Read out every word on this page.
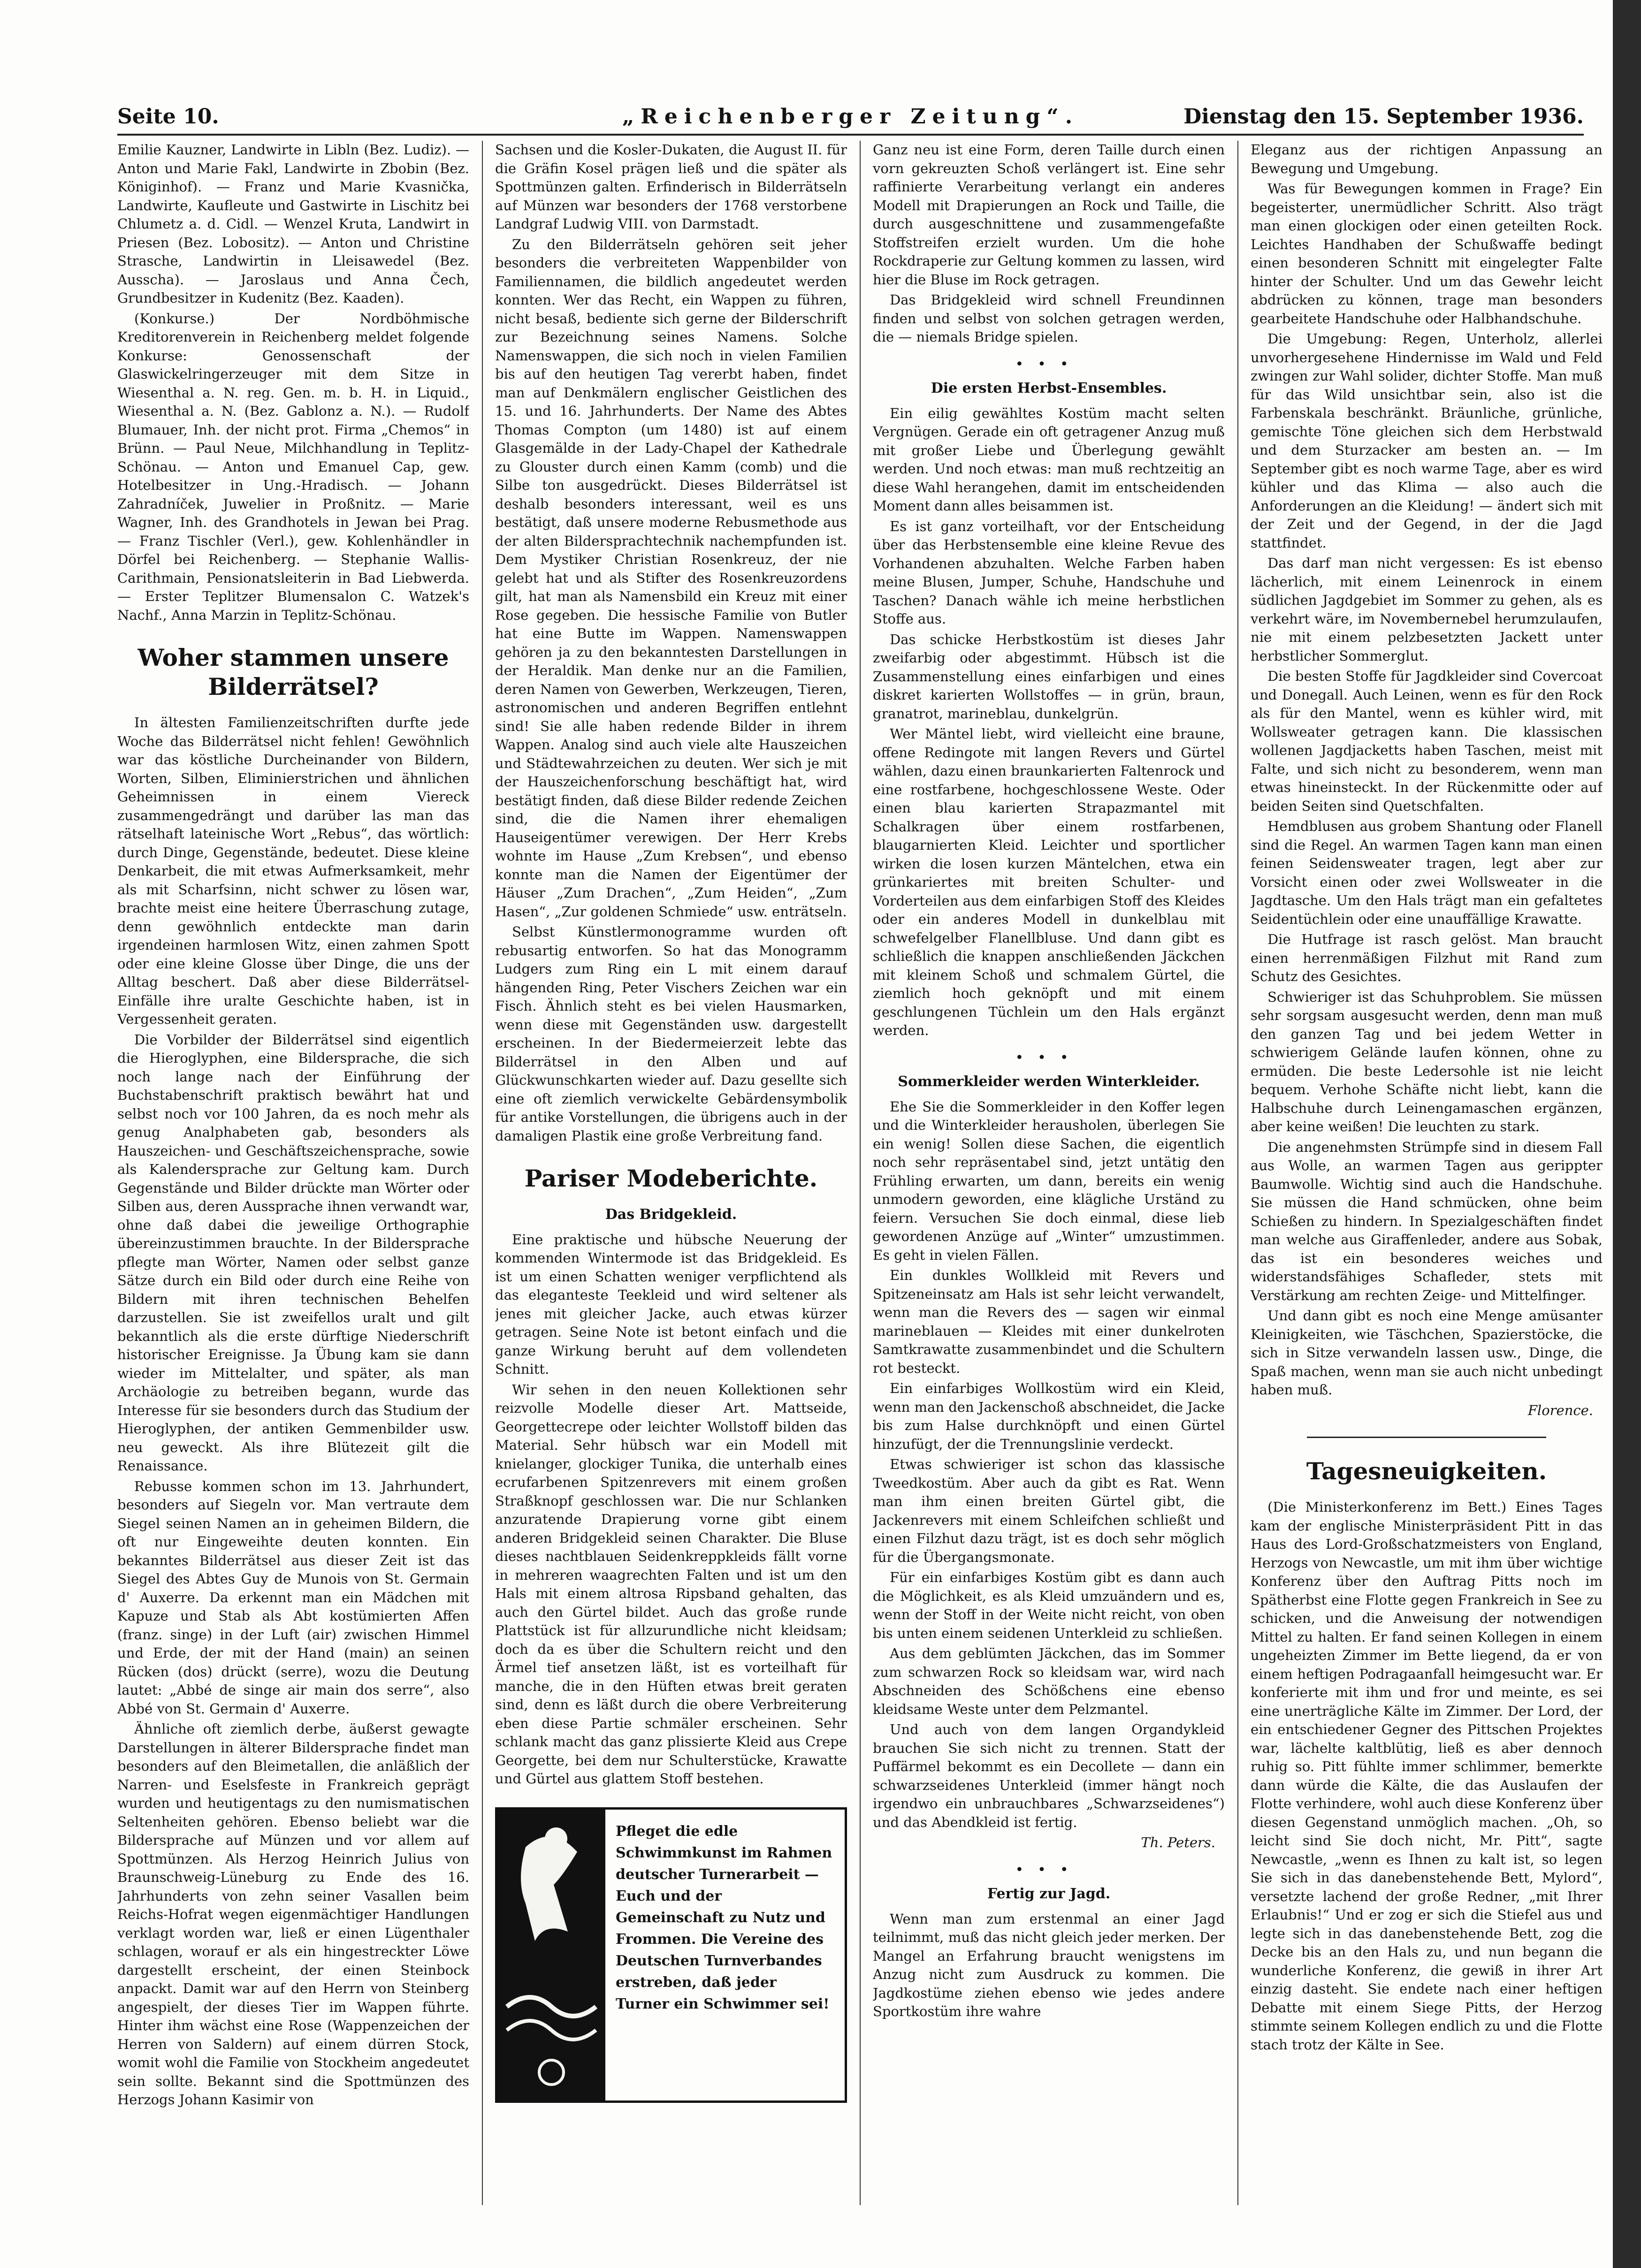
Seite 10.	„Reichenberger Zeitung“.	Dienstag den 15. September 1936.

Emilie Kauzner, Landwirte in Libln (Bez. Ludiz). — Anton und Marie Fakl, Landwirte in Zbobin (Bez. Königinhof). — Franz und Marie Kvasnička, Landwirte, Kaufleute und Gastwirte in Lischitz bei Chlumetz a. d. Cidl. — Wenzel Kruta, Landwirt in Priesen (Bez. Lobositz). — Anton und Christine Strasche, Landwirtin in Lleisawedel (Bez. Ausscha). — Jaroslaus und Anna Čech, Grundbesitzer in Kudenitz (Bez. Kaaden).

(Konkurse.) Der Nordböhmische Kreditorenverein in Reichenberg meldet folgende Konkurse: Genossenschaft der Glaswickelringerzeuger mit dem Sitze in Wiesenthal a. N. reg. Gen. m. b. H. in Liquid., Wiesenthal a. N. (Bez. Gablonz a. N.). — Rudolf Blumauer, Inh. der nicht prot. Firma „Chemos“ in Brünn. — Paul Neue, Milchhandlung in Teplitz-Schönau. — Anton und Emanuel Cap, gew. Hotelbesitzer in Ung.-Hradisch. — Johann Zahradníček, Juwelier in Proßnitz. — Marie Wagner, Inh. des Grandhotels in Jewan bei Prag. — Franz Tischler (Verl.), gew. Kohlenhändler in Dörfel bei Reichenberg. — Stephanie Wallis-Carithmain, Pensionatsleiterin in Bad Liebwerda. — Erster Teplitzer Blumensalon C. Watzek's Nachf., Anna Marzin in Teplitz-Schönau.

Woher stammen unsere Bilderrätsel?

In ältesten Familienzeitschriften durfte jede Woche das Bilderrätsel nicht fehlen! Gewöhnlich war das köstliche Durcheinander von Bildern, Worten, Silben, Eliminierstrichen und ähnlichen Geheimnissen in einem Viereck zusammengedrängt und darüber las man das rätselhaft lateinische Wort „Rebus“, das wörtlich: durch Dinge, Gegenstände, bedeutet. Diese kleine Denkarbeit, die mit etwas Aufmerksamkeit, mehr als mit Scharfsinn, nicht schwer zu lösen war, brachte meist eine heitere Überraschung zutage, denn gewöhnlich entdeckte man darin irgendeinen harmlosen Witz, einen zahmen Spott oder eine kleine Glosse über Dinge, die uns der Alltag beschert. Daß aber diese Bilderrätsel-Einfälle ihre uralte Geschichte haben, ist in Vergessenheit geraten.

Die Vorbilder der Bilderrätsel sind eigentlich die Hieroglyphen, eine Bildersprache, die sich noch lange nach der Einführung der Buchstabenschrift praktisch bewährt hat und selbst noch vor 100 Jahren, da es noch mehr als genug Analphabeten gab, besonders als Hauszeichen- und Geschäftszeichensprache, sowie als Kalendersprache zur Geltung kam. Durch Gegenstände und Bilder drückte man Wörter oder Silben aus, deren Aussprache ihnen verwandt war, ohne daß dabei die jeweilige Orthographie übereinzustimmen brauchte. In der Bildersprache pflegte man Wörter, Namen oder selbst ganze Sätze durch ein Bild oder durch eine Reihe von Bildern mit ihren technischen Behelfen darzustellen. Sie ist zweifellos uralt und gilt bekanntlich als die erste dürftige Niederschrift historischer Ereignisse. Ja Übung kam sie dann wieder im Mittelalter, und später, als man Archäologie zu betreiben begann, wurde das Interesse für sie besonders durch das Studium der Hieroglyphen, der antiken Gemmenbilder usw. neu geweckt. Als ihre Blütezeit gilt die Renaissance.

Rebusse kommen schon im 13. Jahrhundert, besonders auf Siegeln vor. Man vertraute dem Siegel seinen Namen an in geheimen Bildern, die oft nur Eingeweihte deuten konnten. Ein bekanntes Bilderrätsel aus dieser Zeit ist das Siegel des Abtes Guy de Munois von St. Germain d' Auxerre. Da erkennt man ein Mädchen mit Kapuze und Stab als Abt kostümierten Affen (franz. singe) in der Luft (air) zwischen Himmel und Erde, der mit der Hand (main) an seinen Rücken (dos) drückt (serre), wozu die Deutung lautet: „Abbé de singe air main dos serre“, also Abbé von St. Germain d' Auxerre.

Ähnliche oft ziemlich derbe, äußerst gewagte Darstellungen in älterer Bildersprache findet man besonders auf den Bleimetallen, die anläßlich der Narren- und Eselsfeste in Frankreich geprägt wurden und heutigentags zu den numismatischen Seltenheiten gehören. Ebenso beliebt war die Bildersprache auf Münzen und vor allem auf Spottmünzen. Als Herzog Heinrich Julius von Braunschweig-Lüneburg zu Ende des 16. Jahrhunderts von zehn seiner Vasallen beim Reichs-Hofrat wegen eigenmächtiger Handlungen verklagt worden war, ließ er einen Lügenthaler schlagen, worauf er als ein hingestreckter Löwe dargestellt erscheint, der einen Steinbock anpackt. Damit war auf den Herrn von Steinberg angespielt, der dieses Tier im Wappen führte. Hinter ihm wächst eine Rose (Wappenzeichen der Herren von Saldern) auf einem dürren Stock, womit wohl die Familie von Stockheim angedeutet sein sollte. Bekannt sind die Spottmünzen des Herzogs Johann Kasimir von

Sachsen und die Kosler-Dukaten, die August II. für die Gräfin Kosel prägen ließ und die später als Spottmünzen galten. Erfinderisch in Bilderrätseln auf Münzen war besonders der 1768 verstorbene Landgraf Ludwig VIII. von Darmstadt.

Zu den Bilderrätseln gehören seit jeher besonders die verbreiteten Wappenbilder von Familiennamen, die bildlich angedeutet werden konnten. Wer das Recht, ein Wappen zu führen, nicht besaß, bediente sich gerne der Bilderschrift zur Bezeichnung seines Namens. Solche Namenswappen, die sich noch in vielen Familien bis auf den heutigen Tag vererbt haben, findet man auf Denkmälern englischer Geistlichen des 15. und 16. Jahrhunderts. Der Name des Abtes Thomas Compton (um 1480) ist auf einem Glasgemälde in der Lady-Chapel der Kathedrale zu Glouster durch einen Kamm (comb) und die Silbe ton ausgedrückt. Dieses Bilderrätsel ist deshalb besonders interessant, weil es uns bestätigt, daß unsere moderne Rebusmethode aus der alten Bildersprachtechnik nachempfunden ist. Dem Mystiker Christian Rosenkreuz, der nie gelebt hat und als Stifter des Rosenkreuzordens gilt, hat man als Namensbild ein Kreuz mit einer Rose gegeben. Die hessische Familie von Butler hat eine Butte im Wappen. Namenswappen gehören ja zu den bekanntesten Darstellungen in der Heraldik. Man denke nur an die Familien, deren Namen von Gewerben, Werkzeugen, Tieren, astronomischen und anderen Begriffen entlehnt sind! Sie alle haben redende Bilder in ihrem Wappen. Analog sind auch viele alte Hauszeichen und Städtewahrzeichen zu deuten. Wer sich je mit der Hauszeichenforschung beschäftigt hat, wird bestätigt finden, daß diese Bilder redende Zeichen sind, die die Namen ihrer ehemaligen Hauseigentümer verewigen. Der Herr Krebs wohnte im Hause „Zum Krebsen“, und ebenso konnte man die Namen der Eigentümer der Häuser „Zum Drachen“, „Zum Heiden“, „Zum Hasen“, „Zur goldenen Schmiede“ usw. enträtseln.

Selbst Künstlermonogramme wurden oft rebusartig entworfen. So hat das Monogramm Ludgers zum Ring ein L mit einem darauf hängenden Ring, Peter Vischers Zeichen war ein Fisch. Ähnlich steht es bei vielen Hausmarken, wenn diese mit Gegenständen usw. dargestellt erscheinen. In der Biedermeierzeit lebte das Bilderrätsel in den Alben und auf Glückwunschkarten wieder auf. Dazu gesellte sich eine oft ziemlich verwickelte Gebärdensymbolik für antike Vorstellungen, die übrigens auch in der damaligen Plastik eine große Verbreitung fand.

Pariser Modeberichte.
Das Bridgekleid.

Eine praktische und hübsche Neuerung der kommenden Wintermode ist das Bridgekleid. Es ist um einen Schatten weniger verpflichtend als das eleganteste Teekleid und wird seltener als jenes mit gleicher Jacke, auch etwas kürzer getragen. Seine Note ist betont einfach und die ganze Wirkung beruht auf dem vollendeten Schnitt.

Wir sehen in den neuen Kollektionen sehr reizvolle Modelle dieser Art. Mattseide, Georgettecrepe oder leichter Wollstoff bilden das Material. Sehr hübsch war ein Modell mit knielanger, glockiger Tunika, die unterhalb eines ecrufarbenen Spitzenrevers mit einem großen Straßknopf geschlossen war. Die nur Schlanken anzuratende Drapierung vorne gibt einem anderen Bridgekleid seinen Charakter. Die Bluse dieses nachtblauen Seidenkreppkleids fällt vorne in mehreren waagrechten Falten und ist um den Hals mit einem altrosa Ripsband gehalten, das auch den Gürtel bildet. Auch das große runde Plattstück ist für allzurundliche nicht kleidsam; doch da es über die Schultern reicht und den Ärmel tief ansetzen läßt, ist es vorteilhaft für manche, die in den Hüften etwas breit geraten sind, denn es läßt durch die obere Verbreiterung eben diese Partie schmäler erscheinen. Sehr schlank macht das ganz plissierte Kleid aus Crepe Georgette, bei dem nur Schulterstücke, Krawatte und Gürtel aus glattem Stoff bestehen.

Pfleget die edle Schwimmkunst im Rahmen deutscher Turnerarbeit — Euch und der Gemeinschaft zu Nutz und Frommen. Die Vereine des Deutschen Turnverbandes erstreben, daß jeder Turner ein Schwimmer sei!

Ganz neu ist eine Form, deren Taille durch einen vorn gekreuzten Schoß verlängert ist. Eine sehr raffinierte Verarbeitung verlangt ein anderes Modell mit Drapierungen an Rock und Taille, die durch ausgeschnittene und zusammengefaßte Stoffstreifen erzielt wurden. Um die hohe Rockdraperie zur Geltung kommen zu lassen, wird hier die Bluse im Rock getragen.

Das Bridgekleid wird schnell Freundinnen finden und selbst von solchen getragen werden, die — niemals Bridge spielen.

•••
Die ersten Herbst-Ensembles.

Ein eilig gewähltes Kostüm macht selten Vergnügen. Gerade ein oft getragener Anzug muß mit großer Liebe und Überlegung gewählt werden. Und noch etwas: man muß rechtzeitig an diese Wahl herangehen, damit im entscheidenden Moment dann alles beisammen ist.

Es ist ganz vorteilhaft, vor der Entscheidung über das Herbstensemble eine kleine Revue des Vorhandenen abzuhalten. Welche Farben haben meine Blusen, Jumper, Schuhe, Handschuhe und Taschen? Danach wähle ich meine herbstlichen Stoffe aus.

Das schicke Herbstkostüm ist dieses Jahr zweifarbig oder abgestimmt. Hübsch ist die Zusammenstellung eines einfarbigen und eines diskret karierten Wollstoffes — in grün, braun, granatrot, marineblau, dunkelgrün.

Wer Mäntel liebt, wird vielleicht eine braune, offene Redingote mit langen Revers und Gürtel wählen, dazu einen braunkarierten Faltenrock und eine rostfarbene, hochgeschlossene Weste. Oder einen blau karierten Strapazmantel mit Schalkragen über einem rostfarbenen, blaugarnierten Kleid. Leichter und sportlicher wirken die losen kurzen Mäntelchen, etwa ein grünkariertes mit breiten Schulter- und Vorderteilen aus dem einfarbigen Stoff des Kleides oder ein anderes Modell in dunkelblau mit schwefelgelber Flanellbluse. Und dann gibt es schließlich die knappen anschließenden Jäckchen mit kleinem Schoß und schmalem Gürtel, die ziemlich hoch geknöpft und mit einem geschlungenen Tüchlein um den Hals ergänzt werden.

•••
Sommerkleider werden Winterkleider.

Ehe Sie die Sommerkleider in den Koffer legen und die Winterkleider herausholen, überlegen Sie ein wenig! Sollen diese Sachen, die eigentlich noch sehr repräsentabel sind, jetzt untätig den Frühling erwarten, um dann, bereits ein wenig unmodern geworden, eine klägliche Urständ zu feiern. Versuchen Sie doch einmal, diese lieb gewordenen Anzüge auf „Winter“ umzustimmen. Es geht in vielen Fällen.

Ein dunkles Wollkleid mit Revers und Spitzeneinsatz am Hals ist sehr leicht verwandelt, wenn man die Revers des — sagen wir einmal marineblauen — Kleides mit einer dunkelroten Samtkrawatte zusammenbindet und die Schultern rot besteckt.

Ein einfarbiges Wollkostüm wird ein Kleid, wenn man den Jackenschoß abschneidet, die Jacke bis zum Halse durchknöpft und einen Gürtel hinzufügt, der die Trennungslinie verdeckt.

Etwas schwieriger ist schon das klassische Tweedkostüm. Aber auch da gibt es Rat. Wenn man ihm einen breiten Gürtel gibt, die Jackenrevers mit einem Schleifchen schließt und einen Filzhut dazu trägt, ist es doch sehr möglich für die Übergangsmonate.

Für ein einfarbiges Kostüm gibt es dann auch die Möglichkeit, es als Kleid umzuändern und es, wenn der Stoff in der Weite nicht reicht, von oben bis unten einem seidenen Unterkleid zu schließen.

Aus dem geblümten Jäckchen, das im Sommer zum schwarzen Rock so kleidsam war, wird nach Abschneiden des Schößchens eine ebenso kleidsame Weste unter dem Pelzmantel.

Und auch von dem langen Organdykleid brauchen Sie sich nicht zu trennen. Statt der Puffärmel bekommt es ein Decollete — dann ein schwarzseidenes Unterkleid (immer hängt noch irgendwo ein unbrauchbares „Schwarzseidenes“) und das Abendkleid ist fertig.

Th. Peters.
•••
Fertig zur Jagd.

Wenn man zum erstenmal an einer Jagd teilnimmt, muß das nicht gleich jeder merken. Der Mangel an Erfahrung braucht wenigstens im Anzug nicht zum Ausdruck zu kommen. Die Jagdkostüme ziehen ebenso wie jedes andere Sportkostüm ihre wahre

Eleganz aus der richtigen Anpassung an Bewegung und Umgebung.

Was für Bewegungen kommen in Frage? Ein begeisterter, unermüdlicher Schritt. Also trägt man einen glockigen oder einen geteilten Rock. Leichtes Handhaben der Schußwaffe bedingt einen besonderen Schnitt mit eingelegter Falte hinter der Schulter. Und um das Gewehr leicht abdrücken zu können, trage man besonders gearbeitete Handschuhe oder Halbhandschuhe.

Die Umgebung: Regen, Unterholz, allerlei unvorhergesehene Hindernisse im Wald und Feld zwingen zur Wahl solider, dichter Stoffe. Man muß für das Wild unsichtbar sein, also ist die Farbenskala beschränkt. Bräunliche, grünliche, gemischte Töne gleichen sich dem Herbstwald und dem Sturzacker am besten an. — Im September gibt es noch warme Tage, aber es wird kühler und das Klima — also auch die Anforderungen an die Kleidung! — ändert sich mit der Zeit und der Gegend, in der die Jagd stattfindet.

Das darf man nicht vergessen: Es ist ebenso lächerlich, mit einem Leinenrock in einem südlichen Jagdgebiet im Sommer zu gehen, als es verkehrt wäre, im Novembernebel herumzulaufen, nie mit einem pelzbesetzten Jackett unter herbstlicher Sommerglut.

Die besten Stoffe für Jagdkleider sind Covercoat und Donegall. Auch Leinen, wenn es für den Rock als für den Mantel, wenn es kühler wird, mit Wollsweater getragen kann. Die klassischen wollenen Jagdjacketts haben Taschen, meist mit Falte, und sich nicht zu besonderem, wenn man etwas hineinsteckt. In der Rückenmitte oder auf beiden Seiten sind Quetschfalten.

Hemdblusen aus grobem Shantung oder Flanell sind die Regel. An warmen Tagen kann man einen feinen Seidensweater tragen, legt aber zur Vorsicht einen oder zwei Wollsweater in die Jagdtasche. Um den Hals trägt man ein gefaltetes Seidentüchlein oder eine unauffällige Krawatte.

Die Hutfrage ist rasch gelöst. Man braucht einen herrenmäßigen Filzhut mit Rand zum Schutz des Gesichtes.

Schwieriger ist das Schuhproblem. Sie müssen sehr sorgsam ausgesucht werden, denn man muß den ganzen Tag und bei jedem Wetter in schwierigem Gelände laufen können, ohne zu ermüden. Die beste Ledersohle ist nie leicht bequem. Verhohe Schäfte nicht liebt, kann die Halbschuhe durch Leinengamaschen ergänzen, aber keine weißen! Die leuchten zu stark.

Die angenehmsten Strümpfe sind in diesem Fall aus Wolle, an warmen Tagen aus gerippter Baumwolle. Wichtig sind auch die Handschuhe. Sie müssen die Hand schmücken, ohne beim Schießen zu hindern. In Spezialgeschäften findet man welche aus Giraffenleder, andere aus Sobak, das ist ein besonderes weiches und widerstandsfähiges Schafleder, stets mit Verstärkung am rechten Zeige- und Mittelfinger.

Und dann gibt es noch eine Menge amüsanter Kleinigkeiten, wie Täschchen, Spazierstöcke, die sich in Sitze verwandeln lassen usw., Dinge, die Spaß machen, wenn man sie auch nicht unbedingt haben muß.

Florence.
Tagesneuigkeiten.

(Die Ministerkonferenz im Bett.) Eines Tages kam der englische Ministerpräsident Pitt in das Haus des Lord-Großschatzmeisters von England, Herzogs von Newcastle, um mit ihm über wichtige Konferenz über den Auftrag Pitts noch im Spätherbst eine Flotte gegen Frankreich in See zu schicken, und die Anweisung der notwendigen Mittel zu halten. Er fand seinen Kollegen in einem ungeheizten Zimmer im Bette liegend, da er von einem heftigen Podragaanfall heimgesucht war. Er konferierte mit ihm und fror und meinte, es sei eine unerträgliche Kälte im Zimmer. Der Lord, der ein entschiedener Gegner des Pittschen Projektes war, lächelte kaltblütig, ließ es aber dennoch ruhig so. Pitt fühlte immer schlimmer, bemerkte dann würde die Kälte, die das Auslaufen der Flotte verhindere, wohl auch diese Konferenz über diesen Gegenstand unmöglich machen. „Oh, so leicht sind Sie doch nicht, Mr. Pitt“, sagte Newcastle, „wenn es Ihnen zu kalt ist, so legen Sie sich in das danebenstehende Bett, Mylord“, versetzte lachend der große Redner, „mit Ihrer Erlaubnis!“ Und er zog er sich die Stiefel aus und legte sich in das danebenstehende Bett, zog die Decke bis an den Hals zu, und nun begann die wunderliche Konferenz, die gewiß in ihrer Art einzig dasteht. Sie endete nach einer heftigen Debatte mit einem Siege Pitts, der Herzog stimmte seinem Kollegen endlich zu und die Flotte stach trotz der Kälte in See.
